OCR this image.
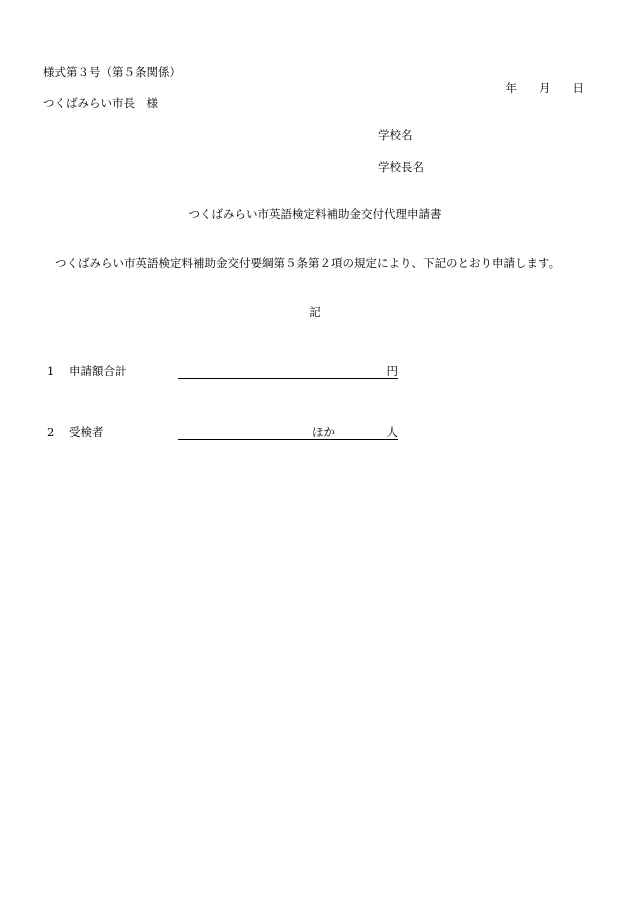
様式第３号（第５条関係）
年 月 日
つくばみらい市長　様
学校名
学校長名
つくばみらい市英語検定料補助金交付代理申請書
つくばみらい市英語検定料補助金交付要綱第５条第２項の規定により、下記のとおり申請します。
記
1 申請額合計	円
2 受検者	ほか	人
